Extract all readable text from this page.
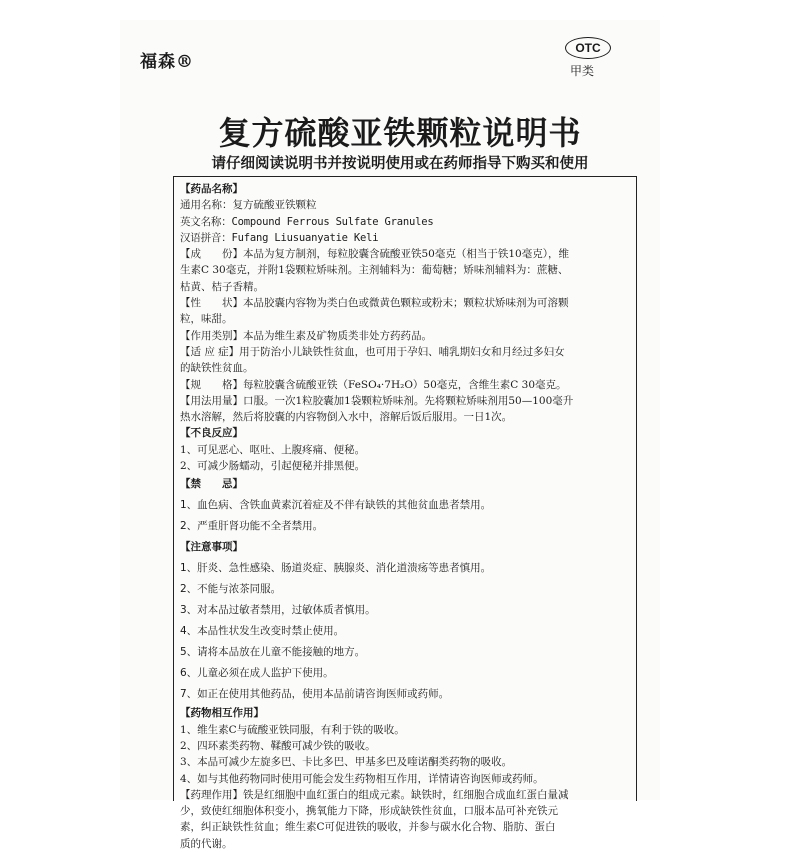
福森®
OTC
甲类
复方硫酸亚铁颗粒说明书
请仔细阅读说明书并按说明使用或在药师指导下购买和使用
【药品名称】
通用名称：复方硫酸亚铁颗粒
英文名称：Compound Ferrous Sulfate Granules
汉语拼音：Fufang Liusuanyatie Keli
【成　　份】本品为复方制剂，每粒胶囊含硫酸亚铁50毫克（相当于铁10毫克），维
生素C 30毫克，并附1袋颗粒矫味剂。主剂辅料为：葡萄糖；矫味剂辅料为：蔗糖、
枯黄、桔子香精。
【性　　状】本品胶囊内容物为类白色或微黄色颗粒或粉末；颗粒状矫味剂为可溶颗
粒，味甜。
【作用类别】本品为维生素及矿物质类非处方药药品。
【适 应 症】用于防治小儿缺铁性贫血，也可用于孕妇、哺乳期妇女和月经过多妇女
的缺铁性贫血。
【规　　格】每粒胶囊含硫酸亚铁（FeSO₄·7H₂O）50毫克，含维生素C 30毫克。
【用法用量】口服。一次1粒胶囊加1袋颗粒矫味剂。先将颗粒矫味剂用50—100毫升
热水溶解，然后将胶囊的内容物倒入水中，溶解后饭后服用。一日1次。
【不良反应】
1、可见恶心、呕吐、上腹疼痛、便秘。
2、可减少肠蠕动，引起便秘并排黑便。
【禁　　忌】
1、血色病、含铁血黄素沉着症及不伴有缺铁的其他贫血患者禁用。
2、严重肝肾功能不全者禁用。
【注意事项】
1、肝炎、急性感染、肠道炎症、胰腺炎、消化道溃疡等患者慎用。
2、不能与浓茶同服。
3、对本品过敏者禁用，过敏体质者慎用。
4、本品性状发生改变时禁止使用。
5、请将本品放在儿童不能接触的地方。
6、儿童必须在成人监护下使用。
7、如正在使用其他药品，使用本品前请咨询医师或药师。
【药物相互作用】
1、维生素C与硫酸亚铁同服，有利于铁的吸收。
2、四环素类药物、鞣酸可减少铁的吸收。
3、本品可减少左旋多巴、卡比多巴、甲基多巴及喹诺酮类药物的吸收。
4、如与其他药物同时使用可能会发生药物相互作用，详情请咨询医师或药师。
【药理作用】铁是红细胞中血红蛋白的组成元素。缺铁时，红细胞合成血红蛋白量减
少，致使红细胞体积变小，携氧能力下降，形成缺铁性贫血，口服本品可补充铁元
素，纠正缺铁性贫血；维生素C可促进铁的吸收，并参与碳水化合物、脂肪、蛋白
质的代谢。
